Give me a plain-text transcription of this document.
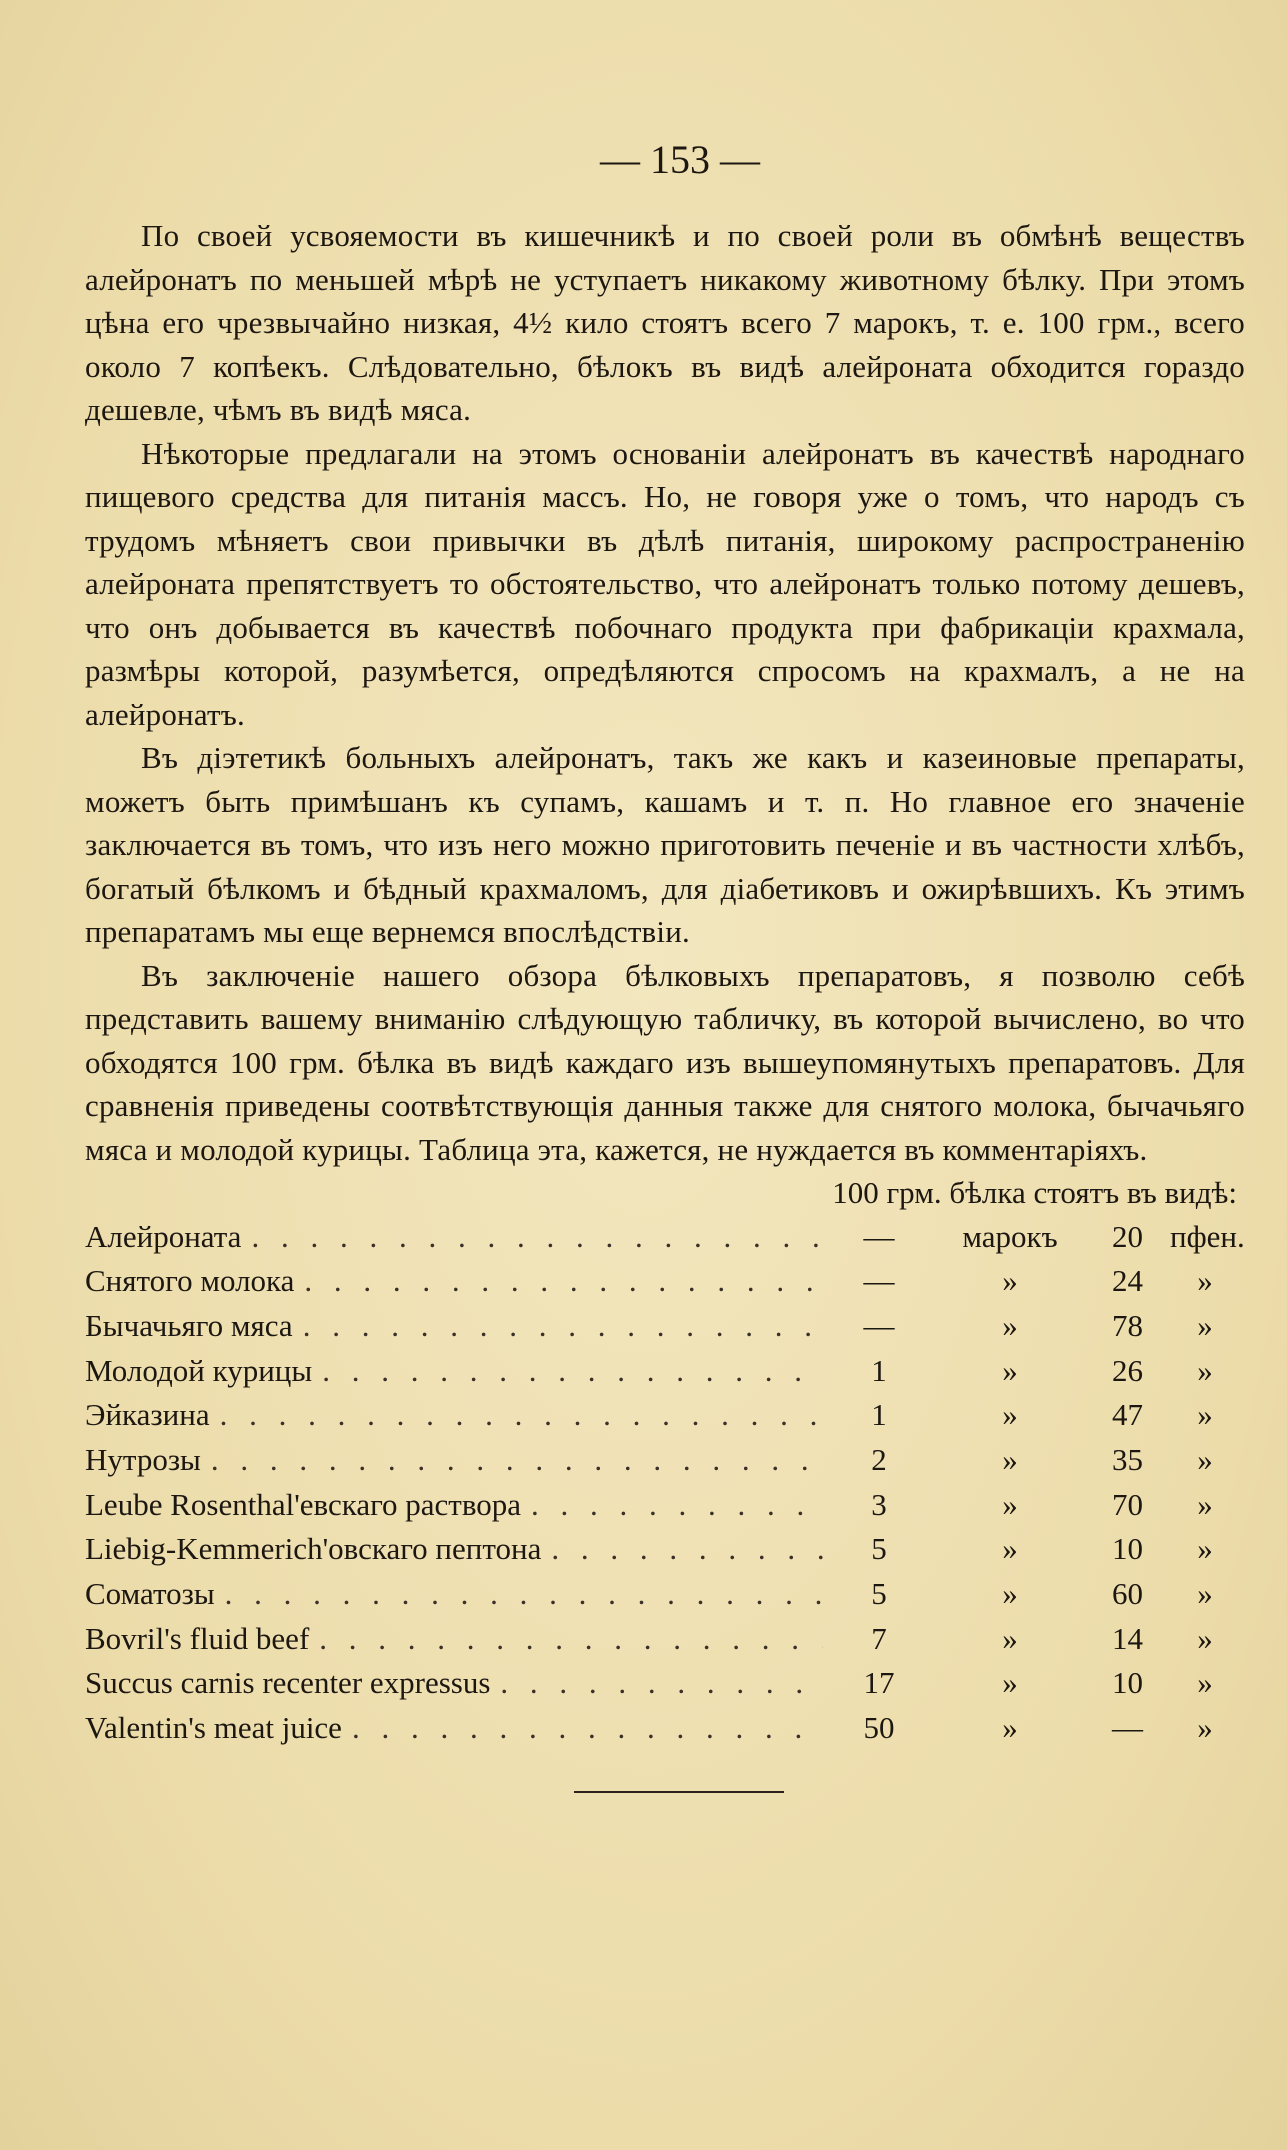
— 153 —

По своей усвояемости въ кишечникѣ и по своей роли въ обмѣнѣ веществъ алейронатъ по меньшей мѣрѣ не уступаетъ никакому животному бѣлку. При этомъ цѣна его чрезвычайно низкая, 4½ кило стоятъ всего 7 марокъ, т. е. 100 грм., всего около 7 копѣекъ. Слѣдовательно, бѣлокъ въ видѣ алейроната обходится гораздо дешевле, чѣмъ въ видѣ мяса.

Нѣкоторые предлагали на этомъ основаніи алейронатъ въ качествѣ народнаго пищевого средства для питанія массъ. Но, не говоря уже о томъ, что народъ съ трудомъ мѣняетъ свои привычки въ дѣлѣ питанія, широкому распространенію алейроната препятствуетъ то обстоятельство, что алейронатъ только потому дешевъ, что онъ добывается въ качествѣ побочнаго продукта при фабрикаціи крахмала, размѣры которой, разумѣется, опредѣляются спросомъ на крахмалъ, а не на алейронатъ.

Въ діэтетикѣ больныхъ алейронатъ, такъ же какъ и казеиновые препараты, можетъ быть примѣшанъ къ супамъ, кашамъ и т. п. Но главное его значеніе заключается въ томъ, что изъ него можно приготовить печеніе и въ частности хлѣбъ, богатый бѣлкомъ и бѣдный крахмаломъ, для діабетиковъ и ожирѣвшихъ. Къ этимъ препаратамъ мы еще вернемся впослѣдствіи.

Въ заключеніе нашего обзора бѣлковыхъ препаратовъ, я позволю себѣ представить вашему вниманію слѣдующую табличку, въ которой вычислено, во что обходятся 100 грм. бѣлка въ видѣ каждаго изъ вышеупомянутыхъ препаратовъ. Для сравненія приведены соотвѣтствующія данныя также для снятого молока, бычачьяго мяса и молодой курицы. Таблица эта, кажется, не нуждается въ комментаріяхъ.

100 грм. бѣлка стоятъ въ видѣ:
Алейроната . . .	—	марокъ	20 пфен.
Снятого молока . . .	—	»	24	»
Бычачьяго мяса . . .	—	»	78	»
Молодой курицы . . .	1	»	26	»
Эйказина . . .	1	»	47	»
Нутрозы . . .	2	»	35	»
Leube Rosenthal'евскаго раствора . . .	3	»	70	»
Liebig-Kemmerich'овскаго пептона . . .	5	»	10	»
Соматозы . . .	5	»	60	»
Bovril's fluid beef . . .	7	»	14	»
Succus carnis recenter expressus . . .	17	»	10	»
Valentin's meat juice . . .	50	»	—	»
